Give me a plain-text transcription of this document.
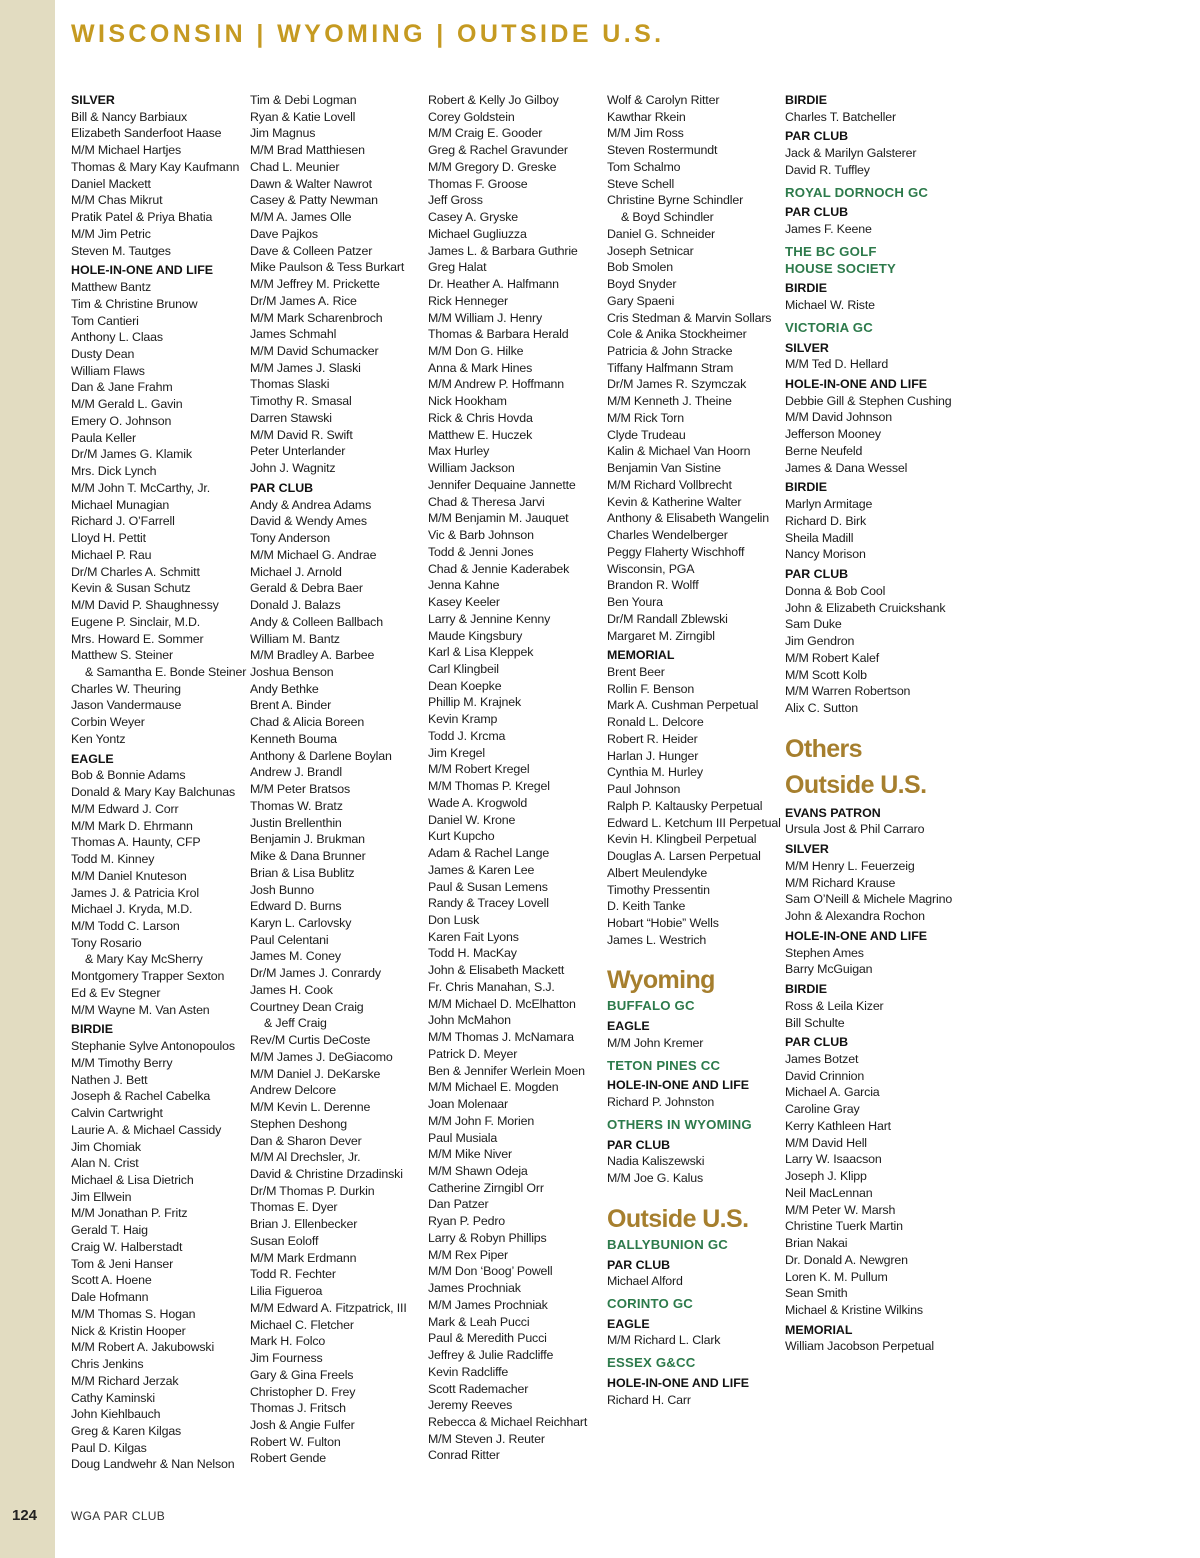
WISCONSIN | WYOMING | OUTSIDE U.S.
SILVER
Bill & Nancy Barbiaux
Elizabeth Sanderfoot Haase
M/M Michael Hartjes
Thomas & Mary Kay Kaufmann
Daniel Mackett
M/M Chas Mikrut
Pratik Patel & Priya Bhatia
M/M Jim Petric
Steven M. Tautges
HOLE-IN-ONE AND LIFE
Matthew Bantz
Tim & Christine Brunow
Tom Cantieri
Anthony L. Claas
Dusty Dean
William Flaws
Dan & Jane Frahm
M/M Gerald L. Gavin
Emery O. Johnson
Paula Keller
Dr/M James G. Klamik
Mrs. Dick Lynch
M/M John T. McCarthy, Jr.
Michael Munagian
Richard J. O’Farrell
Lloyd H. Pettit
Michael P. Rau
Dr/M Charles A. Schmitt
Kevin & Susan Schutz
M/M David P. Shaughnessy
Eugene P. Sinclair, M.D.
Mrs. Howard E. Sommer
Matthew S. Steiner
& Samantha E. Bonde Steiner
Charles W. Theuring
Jason Vandermause
Corbin Weyer
Ken Yontz
EAGLE
Bob & Bonnie Adams
Donald & Mary Kay Balchunas
M/M Edward J. Corr
M/M Mark D. Ehrmann
Thomas A. Haunty, CFP
Todd M. Kinney
M/M Daniel Knuteson
James J. & Patricia Krol
Michael J. Kryda, M.D.
M/M Todd C. Larson
Tony Rosario
& Mary Kay McSherry
Montgomery Trapper Sexton
Ed & Ev Stegner
M/M Wayne M. Van Asten
BIRDIE
Stephanie Sylve Antonopoulos
M/M Timothy Berry
Nathen J. Bett
Joseph & Rachel Cabelka
Calvin Cartwright
Laurie A. & Michael Cassidy
Jim Chomiak
Alan N. Crist
Michael & Lisa Dietrich
Jim Ellwein
M/M Jonathan P. Fritz
Gerald T. Haig
Craig W. Halberstadt
Tom & Jeni Hanser
Scott A. Hoene
Dale Hofmann
M/M Thomas S. Hogan
Nick & Kristin Hooper
M/M Robert A. Jakubowski
Chris Jenkins
M/M Richard Jerzak
Cathy Kaminski
John Kiehlbauch
Greg & Karen Kilgas
Paul D. Kilgas
Doug Landwehr & Nan Nelson
Tim & Debi Logman
Ryan & Katie Lovell
Jim Magnus
M/M Brad Matthiesen
Chad L. Meunier
Dawn & Walter Nawrot
Casey & Patty Newman
M/M A. James Olle
Dave Pajkos
Dave & Colleen Patzer
Mike Paulson & Tess Burkart
M/M Jeffrey M. Prickette
Dr/M James A. Rice
M/M Mark Scharenbroch
James Schmahl
M/M David Schumacker
M/M James J. Slaski
Thomas Slaski
Timothy R. Smasal
Darren Stawski
M/M David R. Swift
Peter Unterlander
John J. Wagnitz
PAR CLUB
Andy & Andrea Adams
David & Wendy Ames
Tony Anderson
M/M Michael G. Andrae
Michael J. Arnold
Gerald & Debra Baer
Donald J. Balazs
Andy & Colleen Ballbach
William M. Bantz
M/M Bradley A. Barbee
Joshua Benson
Andy Bethke
Brent A. Binder
Chad & Alicia Boreen
Kenneth Bouma
Anthony & Darlene Boylan
Andrew J. Brandl
M/M Peter Bratsos
Thomas W. Bratz
Justin Brellenthin
Benjamin J. Brukman
Mike & Dana Brunner
Brian & Lisa Bublitz
Josh Bunno
Edward D. Burns
Karyn L. Carlovsky
Paul Celentani
James M. Coney
Dr/M James J. Conrardy
James H. Cook
Courtney Dean Craig
& Jeff Craig
Rev/M Curtis DeCoste
M/M James J. DeGiacomo
M/M Daniel J. DeKarske
Andrew Delcore
M/M Kevin L. Derenne
Stephen Deshong
Dan & Sharon Dever
M/M Al Drechsler, Jr.
David & Christine Drzadinski
Dr/M Thomas P. Durkin
Thomas E. Dyer
Brian J. Ellenbecker
Susan Eoloff
M/M Mark Erdmann
Todd R. Fechter
Lilia Figueroa
M/M Edward A. Fitzpatrick, III
Michael C. Fletcher
Mark H. Folco
Jim Fourness
Gary & Gina Freels
Christopher D. Frey
Thomas J. Fritsch
Josh & Angie Fulfer
Robert W. Fulton
Robert Gende
Robert & Kelly Jo Gilboy
Corey Goldstein
M/M Craig E. Gooder
Greg & Rachel Gravunder
M/M Gregory D. Greske
Thomas F. Groose
Jeff Gross
Casey A. Gryske
Michael Gugliuzza
James L. & Barbara Guthrie
Greg Halat
Dr. Heather A. Halfmann
Rick Henneger
M/M William J. Henry
Thomas & Barbara Herald
M/M Don G. Hilke
Anna & Mark Hines
M/M Andrew P. Hoffmann
Nick Hookham
Rick & Chris Hovda
Matthew E. Huczek
Max Hurley
William Jackson
Jennifer Dequaine Jannette
Chad & Theresa Jarvi
M/M Benjamin M. Jauquet
Vic & Barb Johnson
Todd & Jenni Jones
Chad & Jennie Kaderabek
Jenna Kahne
Kasey Keeler
Larry & Jennine Kenny
Maude Kingsbury
Karl & Lisa Kleppek
Carl Klingbeil
Dean Koepke
Phillip M. Krajnek
Kevin Kramp
Todd J. Krcma
Jim Kregel
M/M Robert Kregel
M/M Thomas P. Kregel
Wade A. Krogwold
Daniel W. Krone
Kurt Kupcho
Adam & Rachel Lange
James & Karen Lee
Paul & Susan Lemens
Randy & Tracey Lovell
Don Lusk
Karen Fait Lyons
Todd H. MacKay
John & Elisabeth Mackett
Fr. Chris Manahan, S.J.
M/M Michael D. McElhatton
John McMahon
M/M Thomas J. McNamara
Patrick D. Meyer
Ben & Jennifer Werlein Moen
M/M Michael E. Mogden
Joan Molenaar
M/M John F. Morien
Paul Musiala
M/M Mike Niver
M/M Shawn Odeja
Catherine Zirngibl Orr
Dan Patzer
Ryan P. Pedro
Larry & Robyn Phillips
M/M Rex Piper
M/M Don ‘Boog’ Powell
James Prochniak
M/M James Prochniak
Mark & Leah Pucci
Paul & Meredith Pucci
Jeffrey & Julie Radcliffe
Kevin Radcliffe
Scott Rademacher
Jeremy Reeves
Rebecca & Michael Reichhart
M/M Steven J. Reuter
Conrad Ritter
Wolf & Carolyn Ritter
Kawthar Rkein
M/M Jim Ross
Steven Rostermundt
Tom Schalmo
Steve Schell
Christine Byrne Schindler
& Boyd Schindler
Daniel G. Schneider
Joseph Setnicar
Bob Smolen
Boyd Snyder
Gary Spaeni
Cris Stedman & Marvin Sollars
Cole & Anika Stockheimer
Patricia & John Stracke
Tiffany Halfmann Stram
Dr/M James R. Szymczak
M/M Kenneth J. Theine
M/M Rick Torn
Clyde Trudeau
Kalin & Michael Van Hoorn
Benjamin Van Sistine
M/M Richard Vollbrecht
Kevin & Katherine Walter
Anthony & Elisabeth Wangelin
Charles Wendelberger
Peggy Flaherty Wischhoff
Wisconsin, PGA
Brandon R. Wolff
Ben Youra
Dr/M Randall Zblewski
Margaret M. Zirngibl
MEMORIAL
Brent Beer
Rollin F. Benson
Mark A. Cushman Perpetual
Ronald L. Delcore
Robert R. Heider
Harlan J. Hunger
Cynthia M. Hurley
Paul Johnson
Ralph P. Kaltausky Perpetual
Edward L. Ketchum III Perpetual
Kevin H. Klingbeil Perpetual
Douglas A. Larsen Perpetual
Albert Meulendyke
Timothy Pressentin
D. Keith Tanke
Hobart “Hobie” Wells
James L. Westrich
Wyoming
BUFFALO GC
EAGLE
M/M John Kremer
TETON PINES CC
HOLE-IN-ONE AND LIFE
Richard P. Johnston
OTHERS IN WYOMING
PAR CLUB
Nadia Kaliszewski
M/M Joe G. Kalus
Outside U.S.
BALLYBUNION GC
PAR CLUB
Michael Alford
CORINTO GC
EAGLE
M/M Richard L. Clark
ESSEX G&CC
HOLE-IN-ONE AND LIFE
Richard H. Carr
BIRDIE
Charles T. Batcheller
PAR CLUB
Jack & Marilyn Galsterer
David R. Tuffley
ROYAL DORNOCH GC
PAR CLUB
James F. Keene
THE BC GOLF
HOUSE SOCIETY
BIRDIE
Michael W. Riste
VICTORIA GC
SILVER
M/M Ted D. Hellard
HOLE-IN-ONE AND LIFE
Debbie Gill & Stephen Cushing
M/M David Johnson
Jefferson Mooney
Berne Neufeld
James & Dana Wessel
BIRDIE
Marlyn Armitage
Richard D. Birk
Sheila Madill
Nancy Morison
PAR CLUB
Donna & Bob Cool
John & Elizabeth Cruickshank
Sam Duke
Jim Gendron
M/M Robert Kalef
M/M Scott Kolb
M/M Warren Robertson
Alix C. Sutton
Others
Outside U.S.
EVANS PATRON
Ursula Jost & Phil Carraro
SILVER
M/M Henry L. Feuerzeig
M/M Richard Krause
Sam O’Neill & Michele Magrino
John & Alexandra Rochon
HOLE-IN-ONE AND LIFE
Stephen Ames
Barry McGuigan
BIRDIE
Ross & Leila Kizer
Bill Schulte
PAR CLUB
James Botzet
David Crinnion
Michael A. Garcia
Caroline Gray
Kerry Kathleen Hart
M/M David Hell
Larry W. Isaacson
Joseph J. Klipp
Neil MacLennan
M/M Peter W. Marsh
Christine Tuerk Martin
Brian Nakai
Dr. Donald A. Newgren
Loren K. M. Pullum
Sean Smith
Michael & Kristine Wilkins
MEMORIAL
William Jacobson Perpetual
124	WGA PAR CLUB
